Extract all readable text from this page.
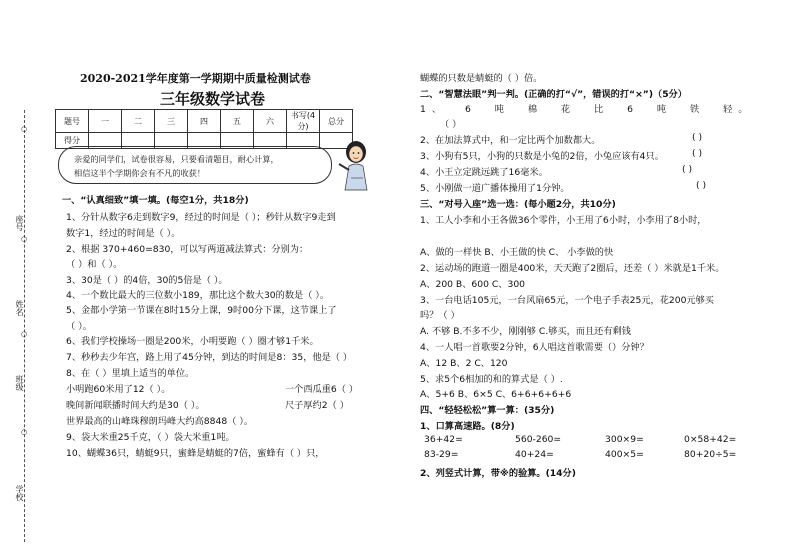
座号
姓名
班级
学校
○
○
○
○
2020-2021学年度第一学期期中质量检测试卷
三年级数学试卷
题号	一	二	三	四	五	六	书写(4分)	总分
得分								
亲爱的同学们，试卷很容易，只要看清题目，耐心计算，
相信这半个学期你会有不凡的收获！
一、“认真细致”填一填。(每空1分，共18分)
1、分针从数字6走到数字9，经过的时间是（ ）；秒针从数字9走到
数字1，经过的时间是（ ）。
2、根据 370+460=830，可以写两道减法算式：分别为：
（ ）和（ ）。
3、30是（ ）的4倍，30的5倍是（ ）。
4、一个数比最大的三位数小189，那比这个数大30的数是（ ）。
5、金都小学第一节课在8时15分上课，9时00分下课，这节课上了
（ ）。
6、我们学校操场一圈是200米，小明要跑（ ）圈才够1千米。
7、秒秒去少年宫，路上用了45分钟，到达的时间是8：35，他是（ ）
8、在（ ）里填上适当的单位。
小明跑60米用了12（ ）。	一个西瓜重6（ ）
晚间新闻联播时间大约是30（ ）。	尺子厚约2（ ）
世界最高的山峰珠穆朗玛峰大约高8848（ ）。
9、袋大米重25千克，（ ）袋大米重1吨。
10、蝴蝶36只，蜻蜓9只，蜜蜂是蜻蜓的7倍，蜜蜂有（ ）只，
蝴蝶的只数是蜻蜓的（ ）倍。
二、“智慧法眼”判一判。(正确的打“√”，错误的打“×”)（5分）
1、 6 吨 棉 花 比 6 吨 铁 轻。
（ ）
2、在加法算式中，和一定比两个加数都大。	( )
3、小狗有5只，小狗的只数是小兔的2倍，小兔应该有4只。	( )
4、小王立定跳远跳了16毫米。	( )
5、小刚做一道广播体操用了1分钟。	( )
三、“对号入座”选一选：(每小题2分，共10分)
1、工人小李和小王各做36个零件，小王用了6小时，小李用了8小时，
A、做的一样快 B、小王做的快 C、 小李做的快
2、运动场的跑道一圈是400米，天天跑了2圈后，还差（ ）米就是1千米。
A、200 B、600 C、300
3、一台电话105元，一台风扇65元，一个电子手表25元，花200元够买
吗？（ ）
A. 不够 B.不多不少，刚刚够 C.够买，而且还有剩钱
4、一人唱一首歌要2分钟，6人唱这首歌需要（）分钟？
A、12 B、2 C、120
5、求5个6相加的和的算式是（ ）.
A、5+6 B、6×5 C、6+6+6+6+6
四、“轻轻松松”算一算：(35分)
1、口算高速路。(8分)
36+42=	560-260=	300×9=	0×58+42=
83-29=	40+24=	400×5=	80+20÷5=
2、列竖式计算，带※的验算。(14分)
